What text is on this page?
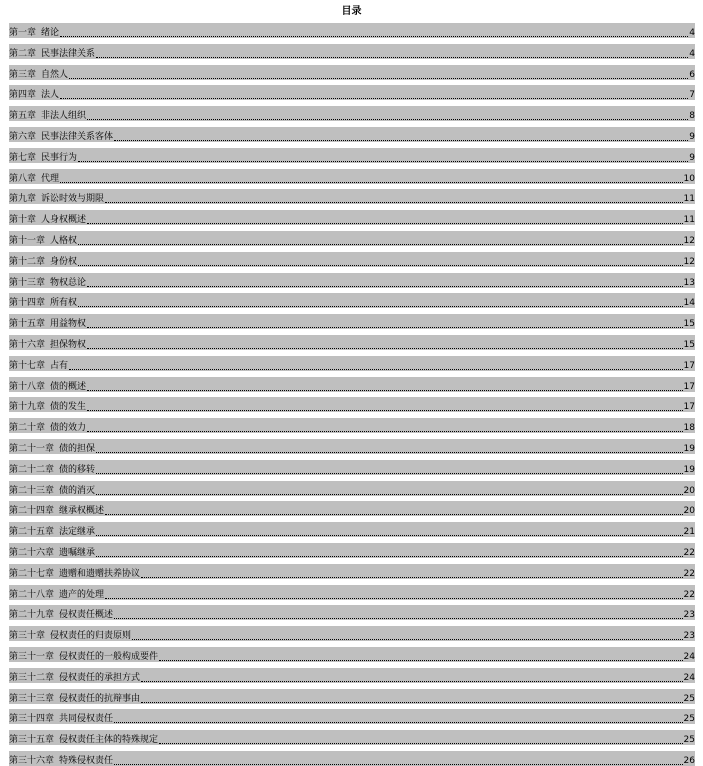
目录
第一章 绪论	4
第二章 民事法律关系	4
第三章 自然人	6
第四章 法人	7
第五章 非法人组织	8
第六章 民事法律关系客体	9
第七章 民事行为	9
第八章 代理	10
第九章 诉讼时效与期限	11
第十章 人身权概述	11
第十一章 人格权	12
第十二章 身份权	12
第十三章 物权总论	13
第十四章 所有权	14
第十五章 用益物权	15
第十六章 担保物权	15
第十七章 占有	17
第十八章 债的概述	17
第十九章 债的发生	17
第二十章 债的效力	18
第二十一章 债的担保	19
第二十二章 债的移转	19
第二十三章 债的消灭	20
第二十四章 继承权概述	20
第二十五章 法定继承	21
第二十六章 遗嘱继承	22
第二十七章 遗赠和遗赠扶养协议	22
第二十八章 遗产的处理	22
第二十九章 侵权责任概述	23
第三十章 侵权责任的归责原则	23
第三十一章 侵权责任的一般构成要件	24
第三十二章 侵权责任的承担方式	24
第三十三章 侵权责任的抗辩事由	25
第三十四章 共同侵权责任	25
第三十五章 侵权责任主体的特殊规定	25
第三十六章 特殊侵权责任	26
